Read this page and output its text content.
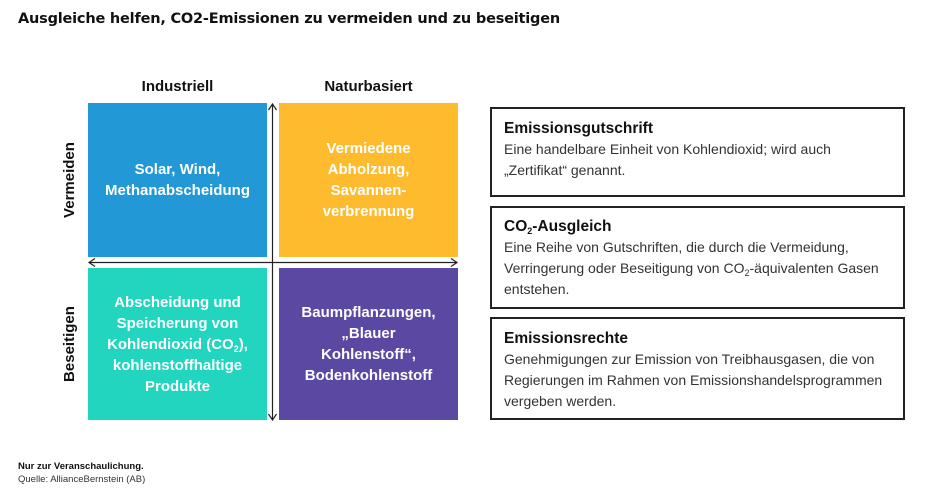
Ausgleiche helfen, CO2-Emissionen zu vermeiden und zu beseitigen
Industriell	Naturbasiert
Vermeiden
Beseitigen
Solar, Wind,
Methanabscheidung
Vermiedene
Abholzung,
Savannen-
verbrennung
Abscheidung und
Speicherung von
Kohlendioxid $(CO_2)$,
kohlenstoffhaltige
Produkte
Baumpflanzungen,
„Blauer
Kohlenstoff“,
Bodenkohlenstoff
Emissionsgutschrift
Eine handelbare Einheit von Kohlendioxid; wird auch „Zertifikat“ genannt.
$CO_2$-Ausgleich
Eine Reihe von Gutschriften, die durch die Vermeidung, Verringerung oder Beseitigung von $CO_2$-äquivalenten Gasen entstehen.
Emissionsrechte
Genehmigungen zur Emission von Treibhausgasen, die von Regierungen im Rahmen von Emissionshandelsprogrammen vergeben werden.
Nur zur Veranschaulichung.
Quelle: AllianceBernstein (AB)
